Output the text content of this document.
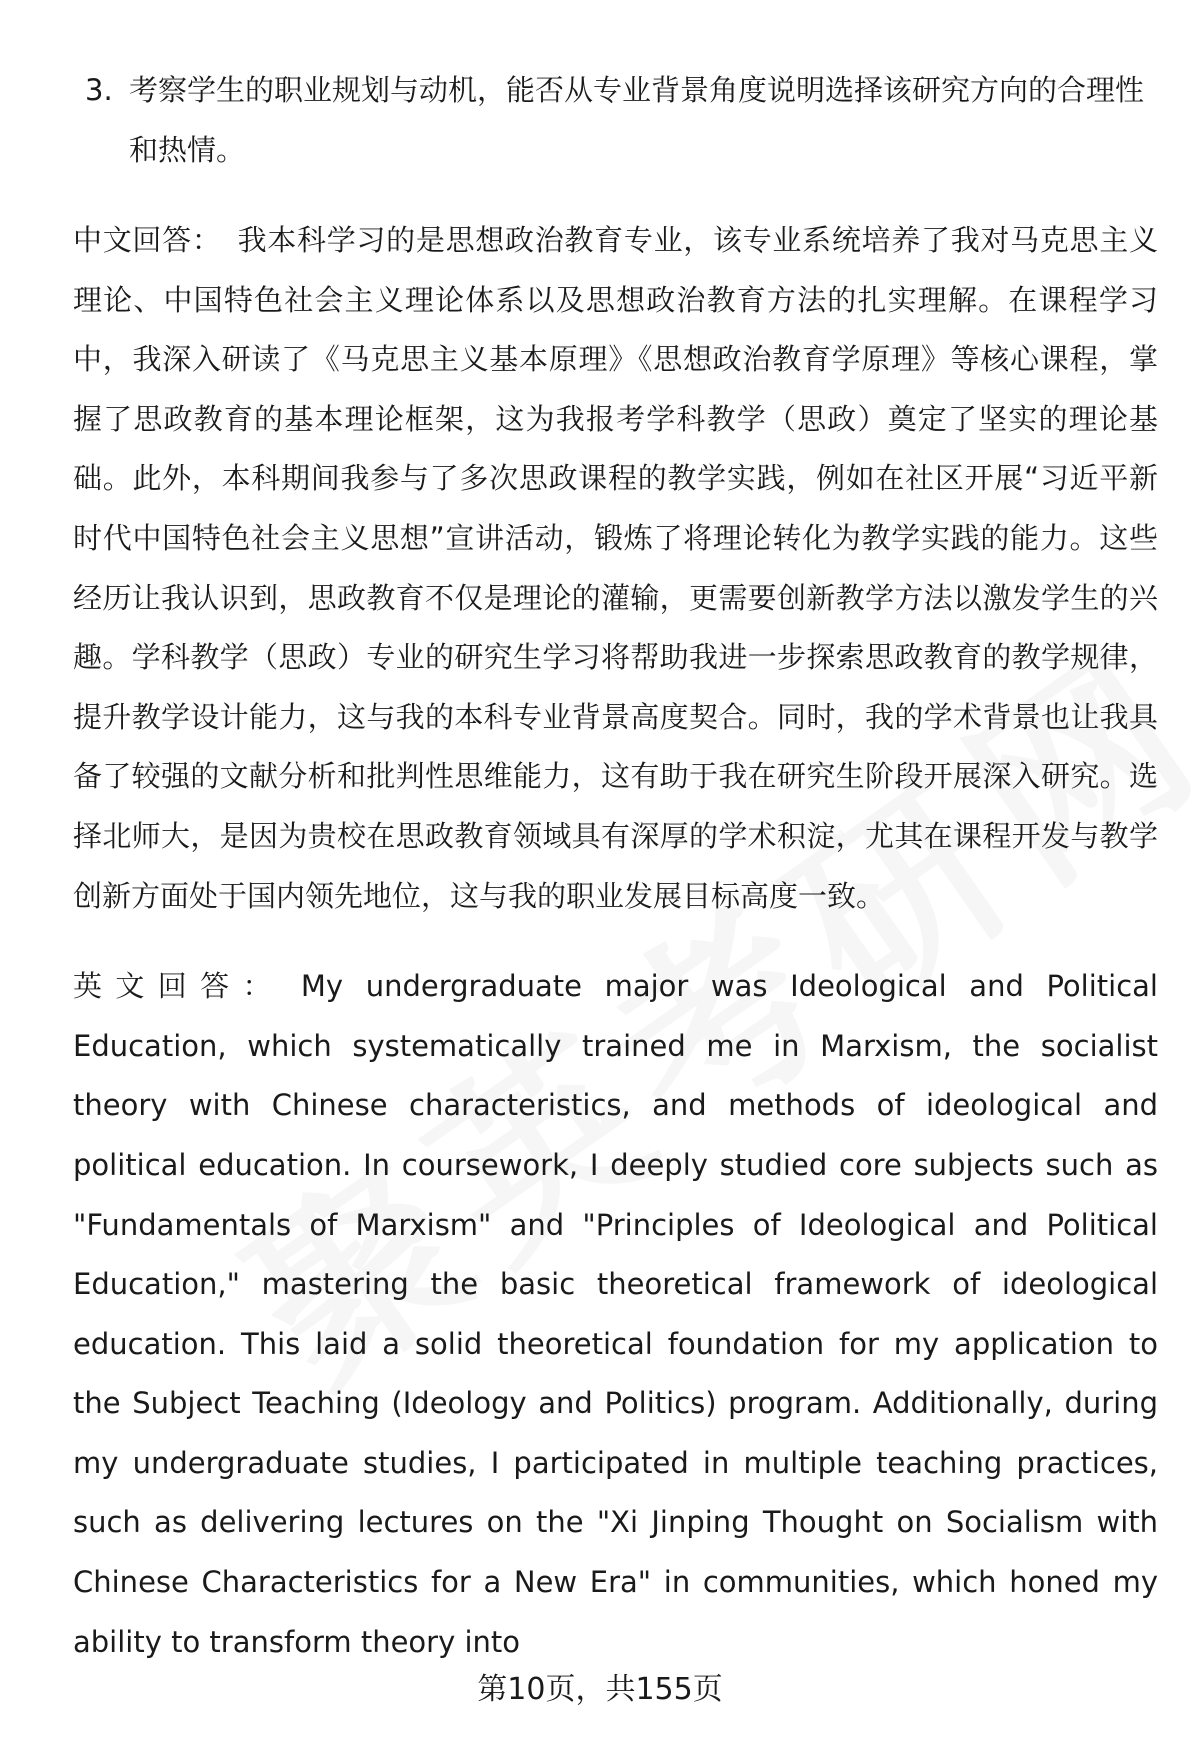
3. 考察学生的职业规划与动机，能否从专业背景角度说明选择该研究方向的合理性和热情。

中文回答： 我本科学习的是思想政治教育专业，该专业系统培养了我对马克思主义理论、中国特色社会主义理论体系以及思想政治教育方法的扎实理解。在课程学习中，我深入研读了《马克思主义基本原理》《思想政治教育学原理》等核心课程，掌握了思政教育的基本理论框架，这为我报考学科教学（思政）奠定了坚实的理论基础。此外，本科期间我参与了多次思政课程的教学实践，例如在社区开展“习近平新时代中国特色社会主义思想”宣讲活动，锻炼了将理论转化为教学实践的能力。这些经历让我认识到，思政教育不仅是理论的灌输，更需要创新教学方法以激发学生的兴趣。学科教学（思政）专业的研究生学习将帮助我进一步探索思政教育的教学规律，提升教学设计能力，这与我的本科专业背景高度契合。同时，我的学术背景也让我具备了较强的文献分析和批判性思维能力，这有助于我在研究生阶段开展深入研究。选择北师大，是因为贵校在思政教育领域具有深厚的学术积淀，尤其在课程开发与教学创新方面处于国内领先地位，这与我的职业发展目标高度一致。

英文回答： My undergraduate major was Ideological and Political Education, which systematically trained me in Marxism, the socialist theory with Chinese characteristics, and methods of ideological and political education. In coursework, I deeply studied core subjects such as "Fundamentals of Marxism" and "Principles of Ideological and Political Education," mastering the basic theoretical framework of ideological education. This laid a solid theoretical foundation for my application to the Subject Teaching (Ideology and Politics) program. Additionally, during my undergraduate studies, I participated in multiple teaching practices, such as delivering lectures on the "Xi Jinping Thought on Socialism with Chinese Characteristics for a New Era" in communities, which honed my ability to transform theory into

第10页，共155页
